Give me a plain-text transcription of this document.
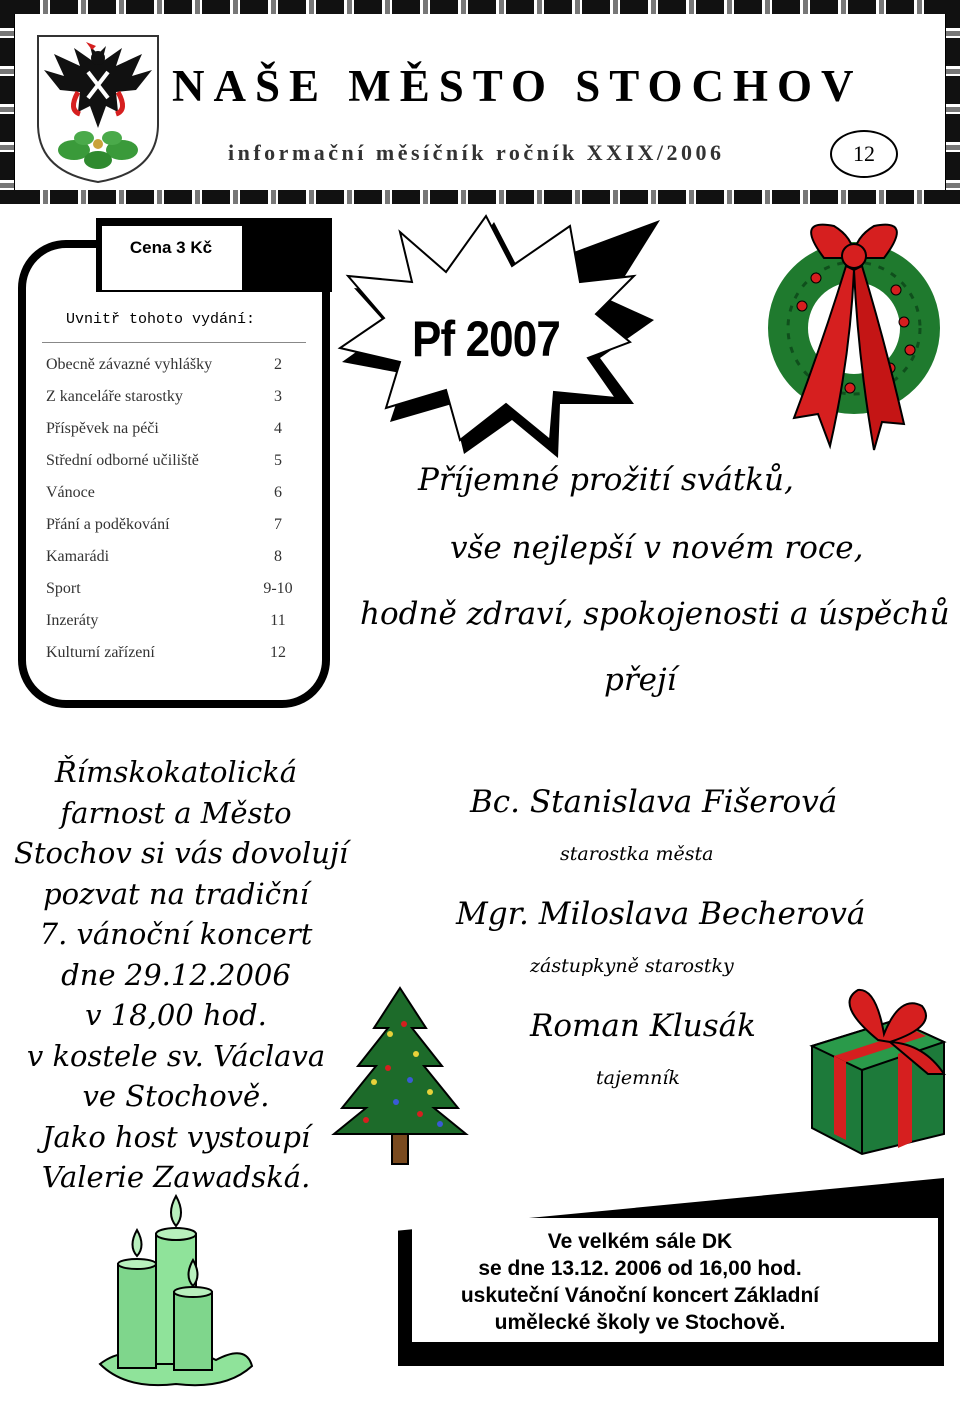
NAŠE MĚSTO STOCHOV
informační měsíčník ročník XXIX/2006	12
Cena 3 Kč
Uvnitř tohoto vydání:
Obecně závazné vyhlášky	2
Z kanceláře starostky	3
Příspěvek na péči	4
Střední odborné učiliště	5
Vánoce	6
Přání a poděkování	7
Kamarádi	8
Sport	9-10
Inzeráty	11
Kulturní zařízení	12
Pf 2007
Příjemné prožití svátků,
vše nejlepší v novém roce,
hodně zdraví, spokojenosti a úspěchů
přejí
Římskokatolická
farnost a Město
Stochov si vás dovolují
pozvat na tradiční
7. vánoční koncert
dne 29.12.2006
v 18,00 hod.
v kostele sv. Václava
ve Stochově.
Jako host vystoupí
Valerie Zawadská.
Bc. Stanislava Fišerová
starostka města
Mgr. Miloslava Becherová
zástupkyně starostky
Roman Klusák
tajemník
Ve velkém sále DK
se dne 13.12. 2006 od 16,00 hod.
uskuteční Vánoční koncert Základní
umělecké školy ve Stochově.
